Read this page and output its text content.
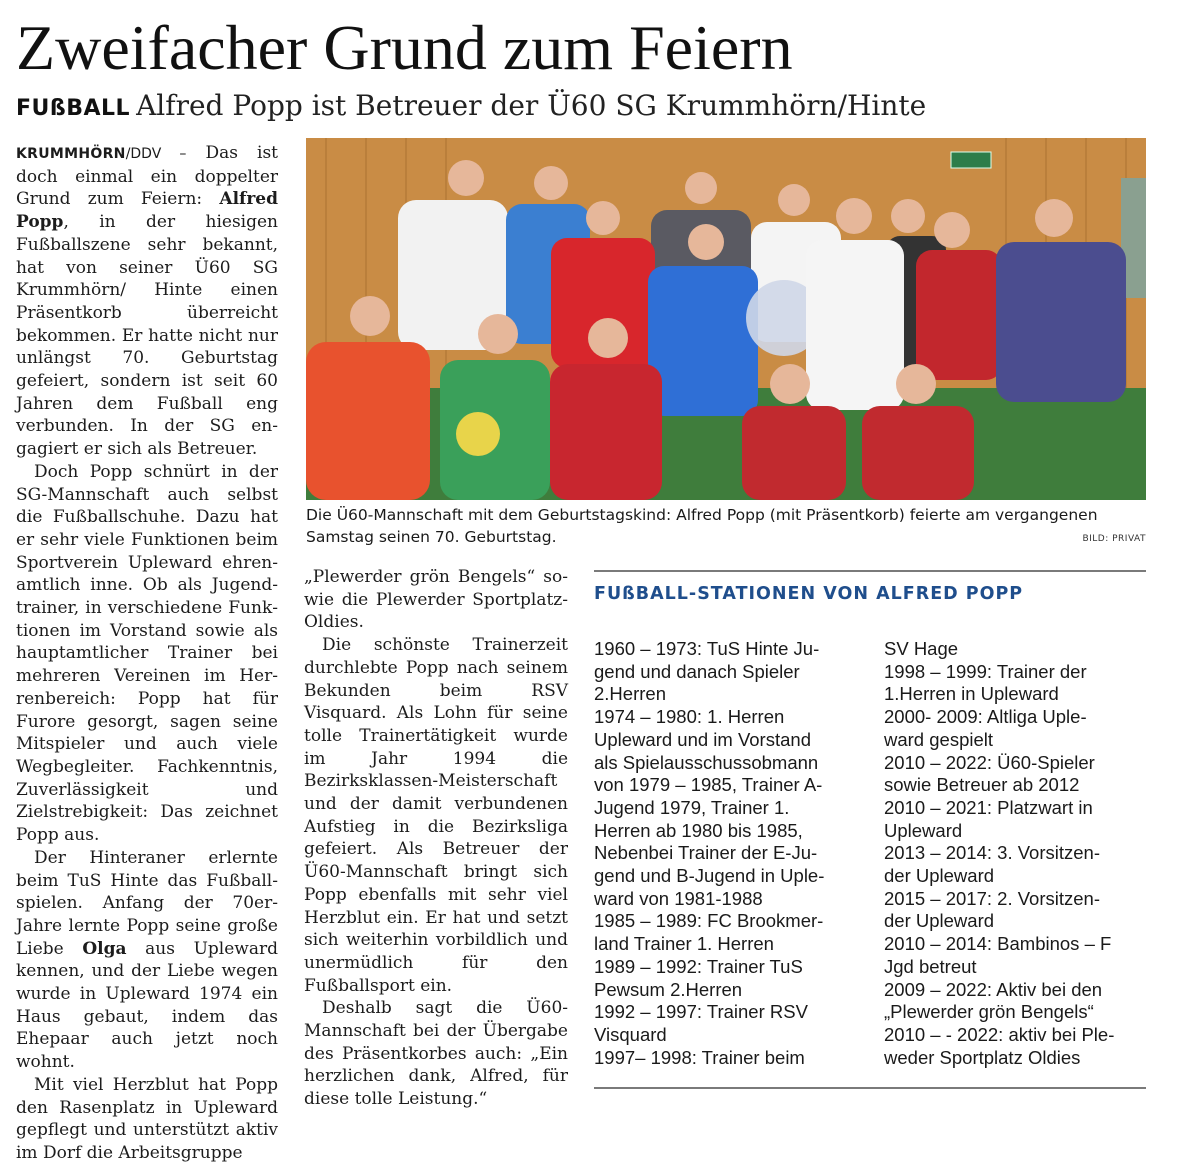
Zweifacher Grund zum Feiern
FUßBALL Alfred Popp ist Betreuer der Ü60 SG Krummhörn/Hinte

KRUMMHÖRN/DDV – Das ist doch einmal ein doppelter Grund zum Feiern: Alfred Popp, in der hiesigen Fußballszene sehr bekannt, hat von seiner Ü60 SG Krummhörn/ Hinte einen Präsentkorb überreicht bekommen. Er hatte nicht nur unlängst 70. Geburtstag gefeiert, sondern ist seit 60 Jahren dem Fußball eng verbunden. In der SG engagiert er sich als Betreuer.

Doch Popp schnürt in der SG-Mannschaft auch selbst die Fußballschuhe. Dazu hat er sehr viele Funktionen beim Sportverein Upleward ehrenamtlich inne. Ob als Jugendtrainer, in verschiedene Funktionen im Vorstand sowie als hauptamtlicher Trainer bei mehreren Vereinen im Herrenbereich: Popp hat für Furore gesorgt, sagen seine Mitspieler und auch viele Wegbegleiter. Fachkenntnis, Zuverlässigkeit und Zielstrebigkeit: Das zeichnet Popp aus.

Der Hinteraner erlernte beim TuS Hinte das Fußballspielen. Anfang der 70er-Jahre lernte Popp seine große Liebe Olga aus Upleward kennen, und der Liebe wegen wurde in Upleward 1974 ein Haus gebaut, indem das Ehepaar auch jetzt noch wohnt.

Mit viel Herzblut hat Popp den Rasenplatz in Upleward gepflegt und unterstützt aktiv im Dorf die Arbeitsgruppe

Die Ü60-Mannschaft mit dem Geburtstagskind: Alfred Popp (mit Präsentkorb) feierte am vergangenen Samstag seinen 70. Geburtstag.	BILD: PRIVAT

„Plewerder grön Bengels“ sowie die Plewerder Sportplatz-Oldies.

Die schönste Trainerzeit durchlebte Popp nach seinem Bekunden beim RSV Visquard. Als Lohn für seine tolle Trainertätigkeit wurde im Jahr 1994 die Bezirksklassen-Meisterschaft und der damit verbundenen Aufstieg in die Bezirksliga gefeiert. Als Betreuer der Ü60-Mannschaft bringt sich Popp ebenfalls mit sehr viel Herzblut ein. Er hat und setzt sich weiterhin vorbildlich und unermüdlich für den Fußballsport ein.

Deshalb sagt die Ü60-Mannschaft bei der Übergabe des Präsentkorbes auch: „Ein herzlichen dank, Alfred, für diese tolle Leistung.“

FUßBALL-STATIONEN VON ALFRED POPP
1960 – 1973: TuS Hinte Ju-
gend und danach Spieler
2.Herren
1974 – 1980: 1. Herren
Upleward und im Vorstand
als Spielausschussobmann
von 1979 – 1985, Trainer A-
Jugend 1979, Trainer 1.
Herren ab 1980 bis 1985,
Nebenbei Trainer der E-Ju-
gend und B-Jugend in Uple-
ward von 1981-1988
1985 – 1989: FC Brookmer-
land Trainer 1. Herren
1989 – 1992: Trainer TuS
Pewsum 2.Herren
1992 – 1997: Trainer RSV
Visquard
1997– 1998: Trainer beim
SV Hage
1998 – 1999: Trainer der
1.Herren in Upleward
2000- 2009: Altliga Uple-
ward gespielt
2010 – 2022: Ü60-Spieler
sowie Betreuer ab 2012
2010 – 2021: Platzwart in
Upleward
2013 – 2014: 3. Vorsitzen-
der Upleward
2015 – 2017: 2. Vorsitzen-
der Upleward
2010 – 2014: Bambinos – F
Jgd betreut
2009 – 2022: Aktiv bei den
„Plewerder grön Bengels“
2010 – - 2022: aktiv bei Ple-
weder Sportplatz Oldies
